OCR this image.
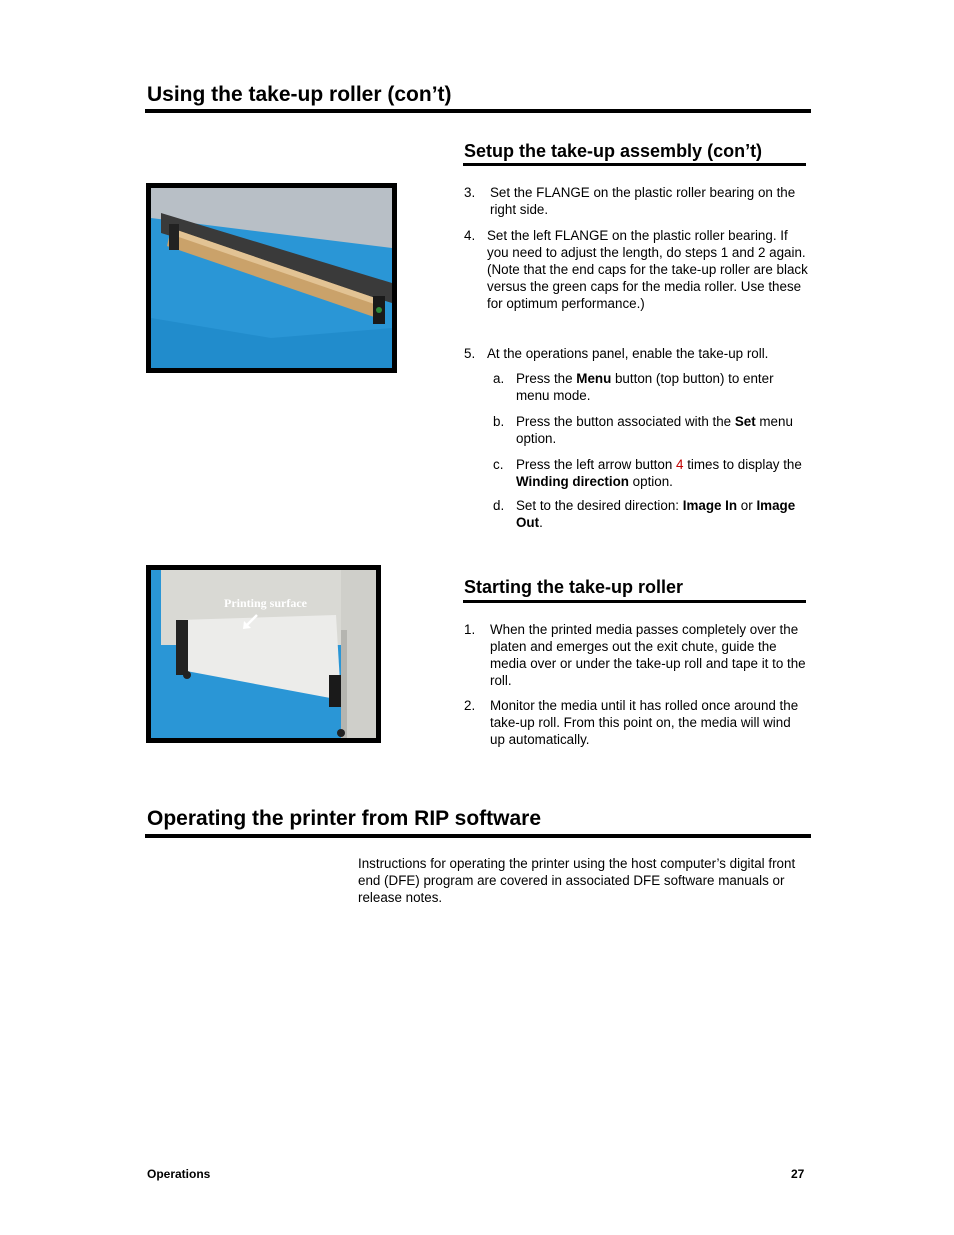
Using the take-up roller (con’t)
Setup the take-up assembly (con’t)
3. Set the FLANGE on the plastic roller bearing on the right side.
4. Set the left FLANGE on the plastic roller bearing. If you need to adjust the length, do steps 1 and 2 again. (Note that the end caps for the take-up roller are black versus the green caps for the media roller. Use these for optimum performance.)
5. At the operations panel, enable the take-up roll.
a. Press the Menu button (top button) to enter menu mode.
b. Press the button associated with the Set menu option.
c. Press the left arrow button 4 times to display the Winding direction option.
d. Set to the desired direction: Image In or Image Out.
Printing surface
Starting the take-up roller
1. When the printed media passes completely over the platen and emerges out the exit chute, guide the media over or under the take-up roll and tape it to the roll.
2. Monitor the media until it has rolled once around the take-up roll. From this point on, the media will wind up automatically.
Operating the printer from RIP software
Instructions for operating the printer using the host computer’s digital front end (DFE) program are covered in associated DFE software manuals or release notes.
Operations	27
